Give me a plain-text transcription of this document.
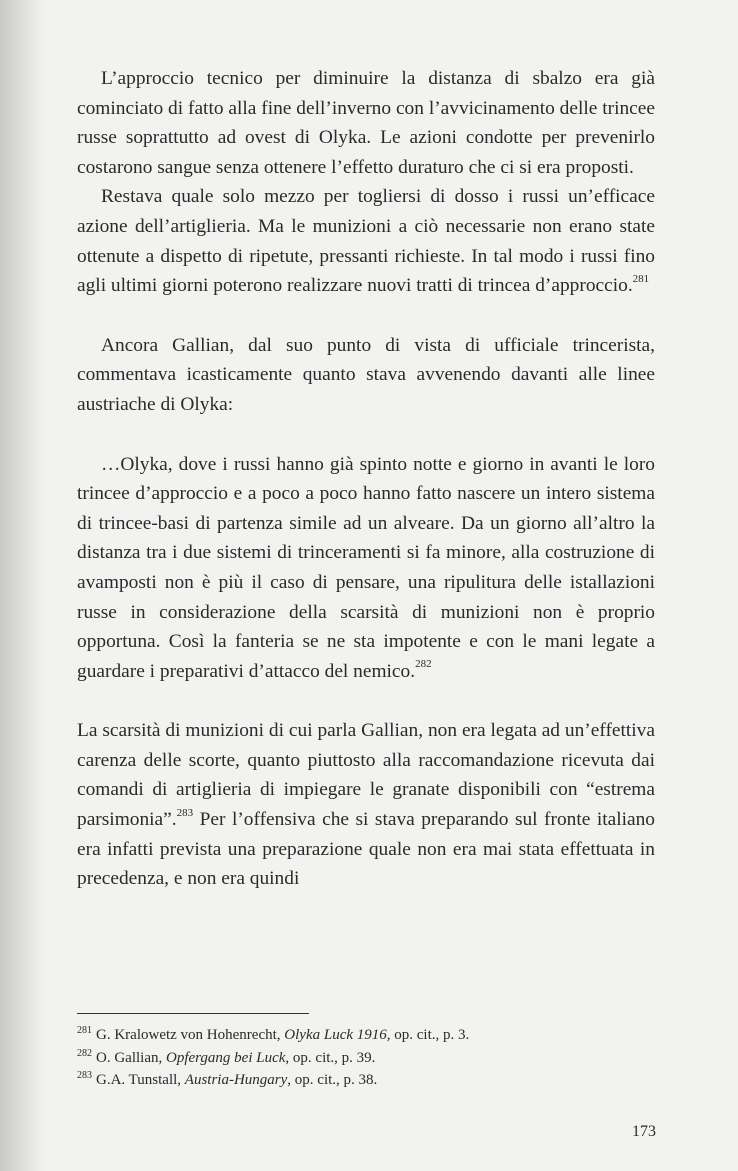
L’approccio tecnico per diminuire la distanza di sbalzo era già cominciato di fatto alla fine dell’inverno con l’avvicinamento delle trincee russe soprattutto ad ovest di Olyka. Le azioni condotte per prevenirlo costarono sangue senza ottenere l’effetto duraturo che ci si era proposti.

Restava quale solo mezzo per togliersi di dosso i russi un’efficace azione dell’artiglieria. Ma le munizioni a ciò necessarie non erano state ottenute a dispetto di ripetute, pressanti richieste. In tal modo i russi fino agli ultimi giorni poterono realizzare nuovi tratti di trincea d’approccio.$^{281}$

Ancora Gallian, dal suo punto di vista di ufficiale trincerista, commentava icasticamente quanto stava avvenendo davanti alle linee austriache di Olyka:

…Olyka, dove i russi hanno già spinto notte e giorno in avanti le loro trincee d’approccio e a poco a poco hanno fatto nascere un intero sistema di trincee-basi di partenza simile ad un alveare. Da un giorno all’altro la distanza tra i due sistemi di trinceramenti si fa minore, alla costruzione di avamposti non è più il caso di pensare, una ripulitura delle istallazioni russe in considerazione della scarsità di munizioni non è proprio opportuna. Così la fanteria se ne sta impotente e con le mani legate a guardare i preparativi d’attacco del nemico.$^{282}$

La scarsità di munizioni di cui parla Gallian, non era legata ad un’effettiva carenza delle scorte, quanto piuttosto alla raccomandazione ricevuta dai comandi di artiglieria di impiegare le granate disponibili con “estrema parsimonia”.$^{283}$ Per l’offensiva che si stava preparando sul fronte italiano era infatti prevista una preparazione quale non era mai stata effettuata in precedenza, e non era quindi

$^{281}$ G. Kralowetz von Hohenrecht, Olyka Luck 1916, op. cit., p. 3.
$^{282}$ O. Gallian, Opfergang bei Luck, op. cit., p. 39.
$^{283}$ G.A. Tunstall, Austria-Hungary, op. cit., p. 38.
173
